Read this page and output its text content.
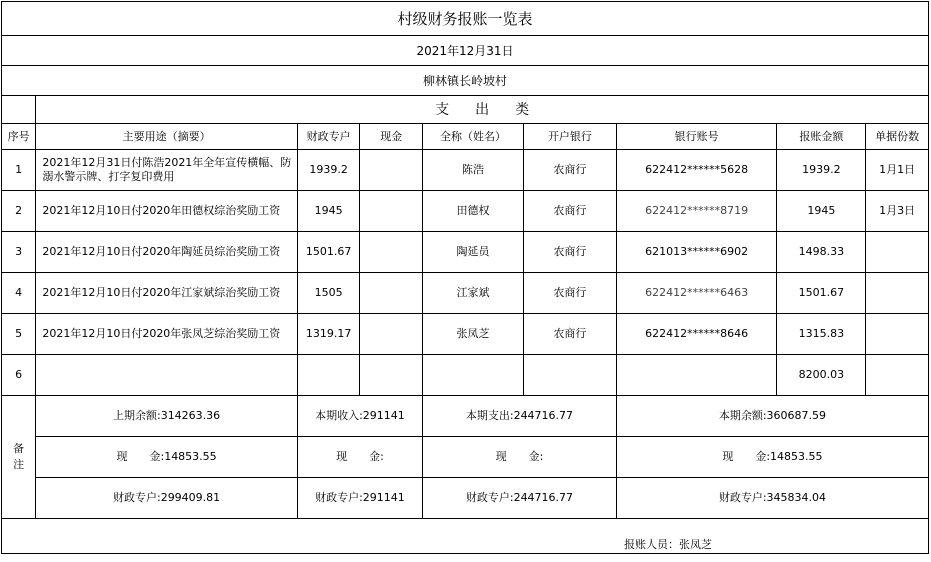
村级财务报账一览表								
2021年12月31日								
柳林镇长岭坡村								
	支出类							
序号	主要用途（摘要）	财政专户	现金	全称（姓名）	开户银行	银行账号	报账金额	单据份数
1	2021年12月31日付陈浩2021年全年宣传横幅、防溺水警示牌、打字复印费用	1939.2		陈浩	农商行	622412******5628	1939.2	1月1日
2	2021年12月10日付2020年田德权综治奖励工资	1945		田德权	农商行	622412******8719	1945	1月3日
3	2021年12月10日付2020年陶延员综治奖励工资	1501.67		陶延员	农商行	621013******6902	1498.33	
4	2021年12月10日付2020年江家斌综治奖励工资	1505		江家斌	农商行	622412******6463	1501.67	
5	2021年12月10日付2020年张凤芝综治奖励工资	1319.17		张凤芝	农商行	622412******8646	1315.83	
6							8200.03	
备注	上期余额:314263.36	本期收入:291141		本期支出:244716.77		本期余额:360687.59		
	现　　金:14853.55	现　　金:		现　　金:		现　　金:14853.55		
	财政专户:299409.81	财政专户:291141		财政专户:244716.77		财政专户:345834.04		

报账人员：张凤芝
